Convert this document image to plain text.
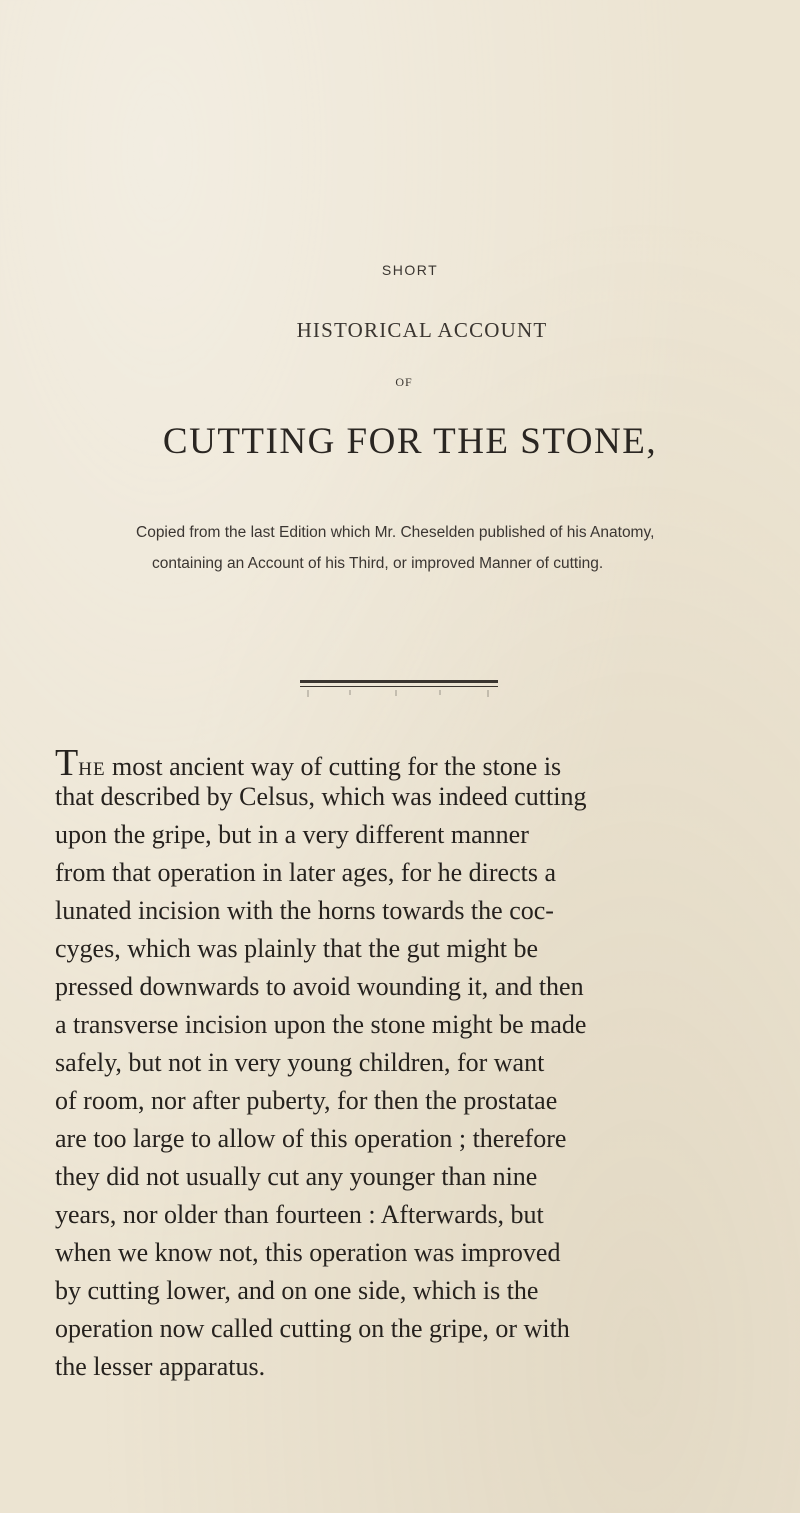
SHORT
HISTORICAL ACCOUNT
OF
CUTTING FOR THE STONE,
Copied from the last Edition which Mr. Cheselden published of his Anatomy,
containing an Account of his Third, or improved Manner of cutting.
THE most ancient way of cutting for the stone is
that described by Celsus, which was indeed cutting
upon the gripe, but in a very different manner
from that operation in later ages, for he directs a
lunated incision with the horns towards the coc-
cyges, which was plainly that the gut might be
pressed downwards to avoid wounding it, and then
a transverse incision upon the stone might be made
safely, but not in very young children, for want
of room, nor after puberty, for then the prostatae
are too large to allow of this operation ; therefore
they did not usually cut any younger than nine
years, nor older than fourteen : Afterwards, but
when we know not, this operation was improved
by cutting lower, and on one side, which is the
operation now called cutting on the gripe, or with
the lesser apparatus.
